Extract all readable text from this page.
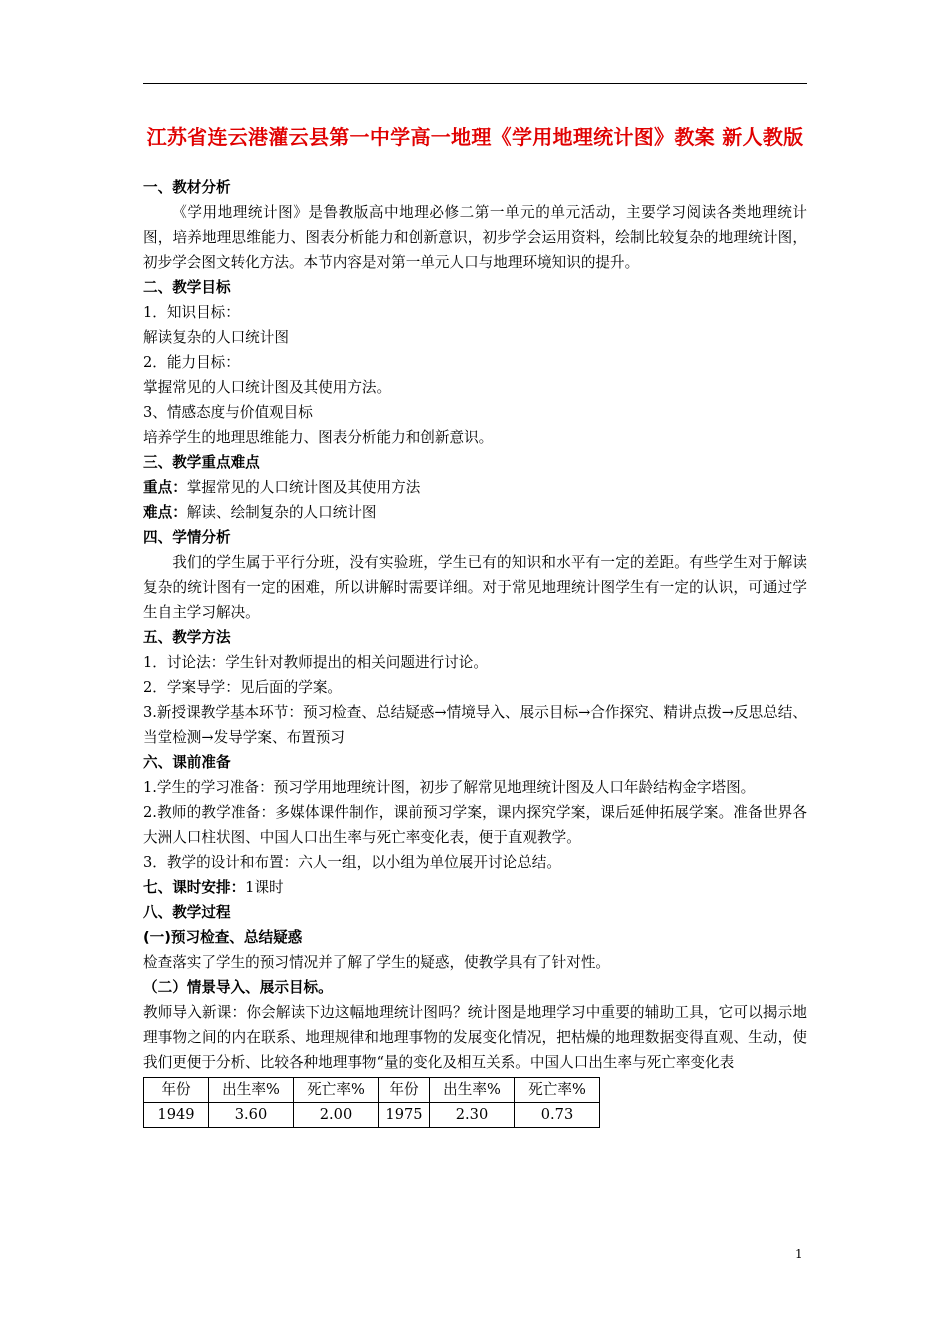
江苏省连云港灌云县第一中学高一地理《学用地理统计图》教案 新人教版

一、教材分析

《学用地理统计图》是鲁教版高中地理必修二第一单元的单元活动，主要学习阅读各类地理统计图，培养地理思维能力、图表分析能力和创新意识，初步学会运用资料，绘制比较复杂的地理统计图，初步学会图文转化方法。本节内容是对第一单元人口与地理环境知识的提升。

二、教学目标

1．知识目标：

解读复杂的人口统计图

2．能力目标：

掌握常见的人口统计图及其使用方法。

3、情感态度与价值观目标

培养学生的地理思维能力、图表分析能力和创新意识。

三、教学重点难点

重点：掌握常见的人口统计图及其使用方法

难点：解读、绘制复杂的人口统计图

四、学情分析

我们的学生属于平行分班，没有实验班，学生已有的知识和水平有一定的差距。有些学生对于解读复杂的统计图有一定的困难，所以讲解时需要详细。对于常见地理统计图学生有一定的认识，可通过学生自主学习解决。

五、教学方法

1．讨论法：学生针对教师提出的相关问题进行讨论。

2．学案导学：见后面的学案。

3.新授课教学基本环节：预习检查、总结疑惑→情境导入、展示目标→合作探究、精讲点拨→反思总结、当堂检测→发导学案、布置预习

六、课前准备

1.学生的学习准备：预习学用地理统计图，初步了解常见地理统计图及人口年龄结构金字塔图。

2.教师的教学准备：多媒体课件制作，课前预习学案，课内探究学案，课后延伸拓展学案。准备世界各大洲人口柱状图、中国人口出生率与死亡率变化表，便于直观教学。

3．教学的设计和布置：六人一组，以小组为单位展开讨论总结。

七、课时安排：1课时

八、教学过程

(一)预习检查、总结疑惑

检查落实了学生的预习情况并了解了学生的疑惑，使教学具有了针对性。

（二）情景导入、展示目标。

教师导入新课：你会解读下边这幅地理统计图吗？统计图是地理学习中重要的辅助工具，它可以揭示地理事物之间的内在联系、地理规律和地理事物的发展变化情况，把枯燥的地理数据变得直观、生动，使我们更便于分析、比较各种地理事物“量的变化及相互关系。中国人口出生率与死亡率变化表

年份	出生率%	死亡率%	年份	出生率%	死亡率%
1949	3.60	2.00	1975	2.30	0.73
1
